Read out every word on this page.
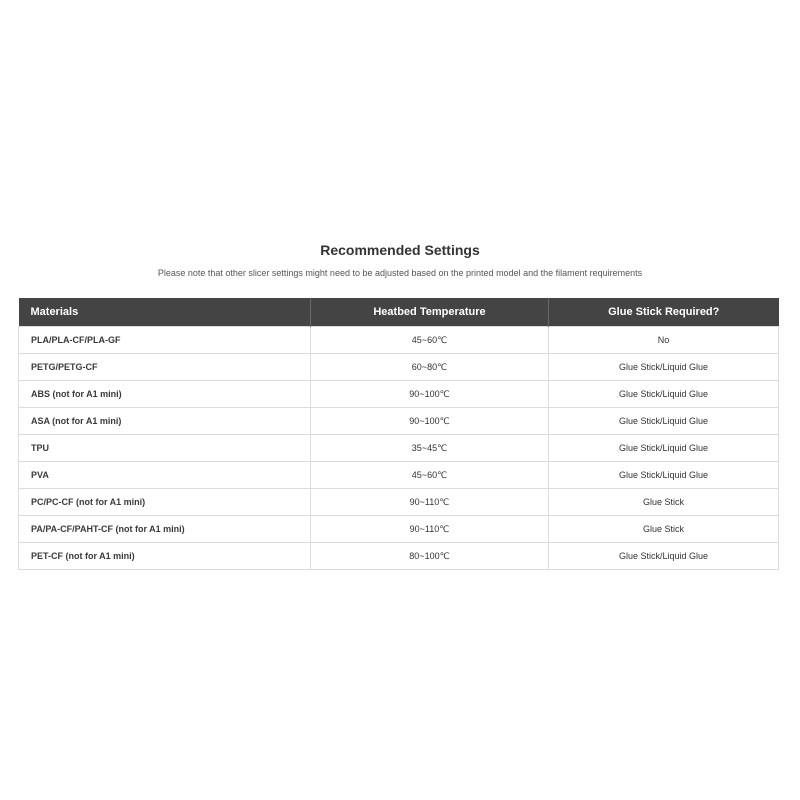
Recommended Settings

Please note that other slicer settings might need to be adjusted based on the printed model and the filament requirements

Materials	Heatbed Temperature	Glue Stick Required?
PLA/PLA-CF/PLA-GF	45~60℃	No
PETG/PETG-CF	60~80℃	Glue Stick/Liquid Glue
ABS (not for A1 mini)	90~100℃	Glue Stick/Liquid Glue
ASA (not for A1 mini)	90~100℃	Glue Stick/Liquid Glue
TPU	35~45℃	Glue Stick/Liquid Glue
PVA	45~60℃	Glue Stick/Liquid Glue
PC/PC-CF (not for A1 mini)	90~110℃	Glue Stick
PA/PA-CF/PAHT-CF (not for A1 mini)	90~110℃	Glue Stick
PET-CF (not for A1 mini)	80~100℃	Glue Stick/Liquid Glue
